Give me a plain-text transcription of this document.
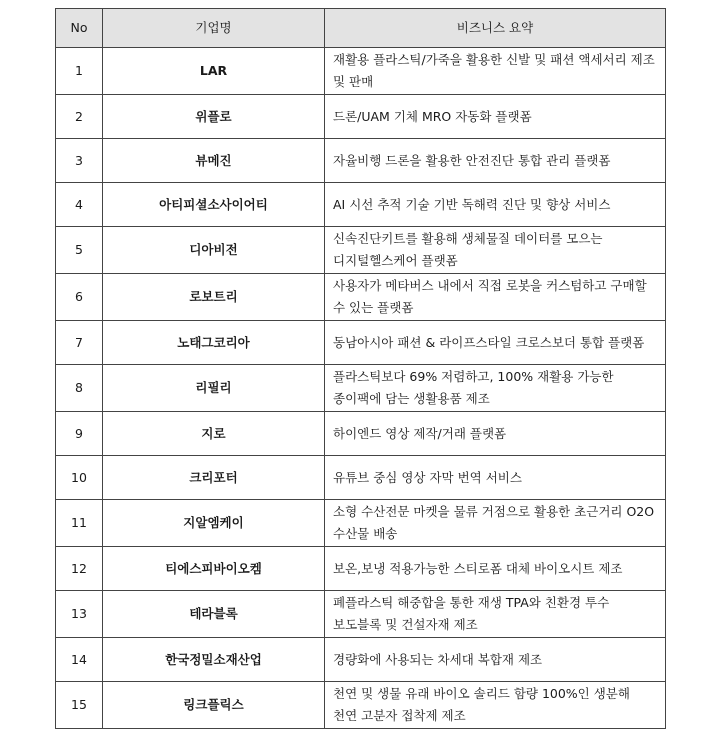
No	기업명	비즈니스 요약
1	LAR	재활용 플라스틱/가죽을 활용한 신발 및 패션 액세서리 제조 및 판매
2	위플로	드론/UAM 기체 MRO 자동화 플랫폼
3	뷰메진	자율비행 드론을 활용한 안전진단 통합 관리 플랫폼
4	아티피셜소사이어티	AI 시선 추적 기술 기반 독해력 진단 및 향상 서비스
5	디아비전	신속진단키트를 활용해 생체물질 데이터를 모으는 디지털헬스케어 플랫폼
6	로보트리	사용자가 메타버스 내에서 직접 로봇을 커스텀하고 구매할 수 있는 플랫폼
7	노태그코리아	동남아시아 패션 & 라이프스타일 크로스보더 통합 플랫폼
8	리필리	플라스틱보다 69% 저렴하고, 100% 재활용 가능한 종이팩에 담는 생활용품 제조
9	지로	하이엔드 영상 제작/거래 플랫폼
10	크리포터	유튜브 중심 영상 자막 번역 서비스
11	지알엠케이	소형 수산전문 마켓을 물류 거점으로 활용한 초근거리 O2O 수산물 배송
12	티에스피바이오켐	보온,보냉 적용가능한 스티로폼 대체 바이오시트 제조
13	테라블록	폐플라스틱 해중합을 통한 재생 TPA와 친환경 투수 보도블록 및 건설자재 제조
14	한국정밀소재산업	경량화에 사용되는 차세대 복합재 제조
15	링크플릭스	천연 및 생물 유래 바이오 솔리드 함량 100%인 생분해 천연 고분자 접착제 제조
